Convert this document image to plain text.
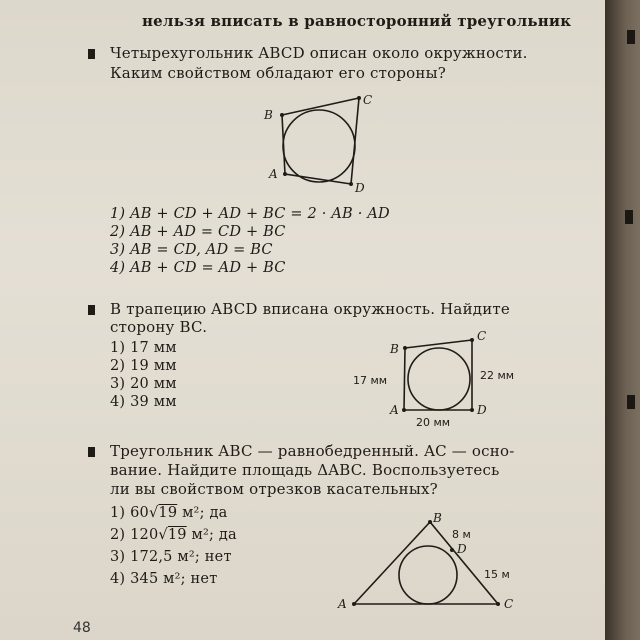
нельзя вписать в равносторонний треугольник
Четырехугольник ABCD описан около окружности.
Каким свойством обладают его стороны?
B
C
A
D
1) AB + CD + AD + BC = 2 · AB · AD
2) AB + AD = CD + BC
3) AB = CD, AD = BC
4) AB + CD = AD + BC
В трапецию ABCD вписана окружность. Найдите
сторону BC.
1) 17 мм
2) 19 мм
3) 20 мм
4) 39 мм
B
C
A	D
17 мм	22 мм
20 мм
Треугольник ABC — равнобедренный. AC — осно-
вание. Найдите площадь ΔABC. Воспользуетесь
ли вы свойством отрезков касательных?
1) 60√19 м²; да
2) 120√19 м²; да
3) 172,5 м²; нет
4) 345 м²; нет
A
B
C
D
8 м
15 м
48
